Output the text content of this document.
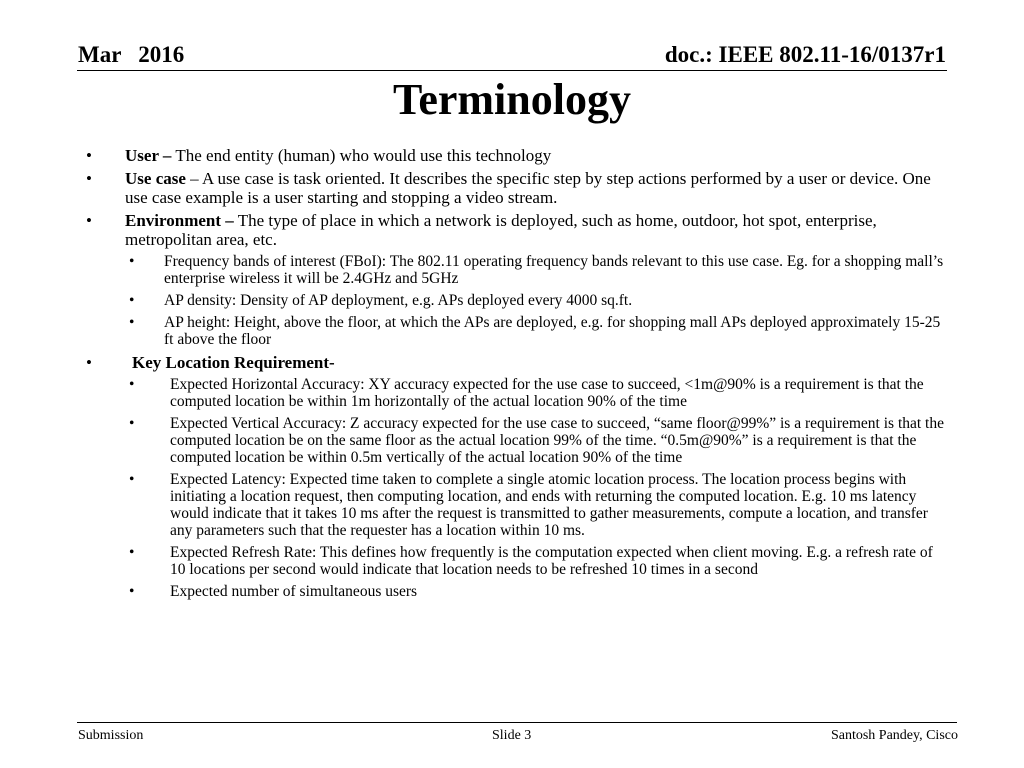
Mar   2016	doc.: IEEE 802.11-16/0137r1
Terminology
• User – The end entity (human) who would use this technology
• Use case – A use case is task oriented. It describes the specific step by step actions performed by a user or device. One use case example is a user starting and stopping a video stream.
• Environment – The type of place in which a network is deployed, such as home, outdoor, hot spot, enterprise, metropolitan area, etc.
• Frequency bands of interest (FBoI): The 802.11 operating frequency bands relevant to this use case. Eg. for a shopping mall’s enterprise wireless it will be 2.4GHz and 5GHz
• AP density: Density of AP deployment, e.g. APs deployed every 4000 sq.ft.
• AP height: Height, above the floor, at which the APs are deployed, e.g. for shopping mall APs deployed approximately 15-25 ft above the floor
• Key Location Requirement-
• Expected Horizontal Accuracy: XY accuracy expected for the use case to succeed, <1m@90% is a requirement is that the computed location be within 1m horizontally of the actual location 90% of the time
• Expected Vertical Accuracy: Z accuracy expected for the use case to succeed, “same floor@99%” is a requirement is that the computed location be on the same floor as the actual location 99% of the time. “0.5m@90%” is a requirement is that the computed location be within 0.5m vertically of the actual location 90% of the time
• Expected Latency: Expected time taken to complete a single atomic location process. The location process begins with initiating a location request, then computing location, and ends with returning the computed location. E.g. 10 ms latency would indicate that it takes 10 ms after the request is transmitted to gather measurements, compute a location, and transfer any parameters such that the requester has a location within 10 ms.
• Expected Refresh Rate: This defines how frequently is the computation expected when client moving. E.g. a refresh rate of 10 locations per second would indicate that location needs to be refreshed 10 times in a second
• Expected number of simultaneous users
Submission	Slide 3	Santosh Pandey, Cisco
